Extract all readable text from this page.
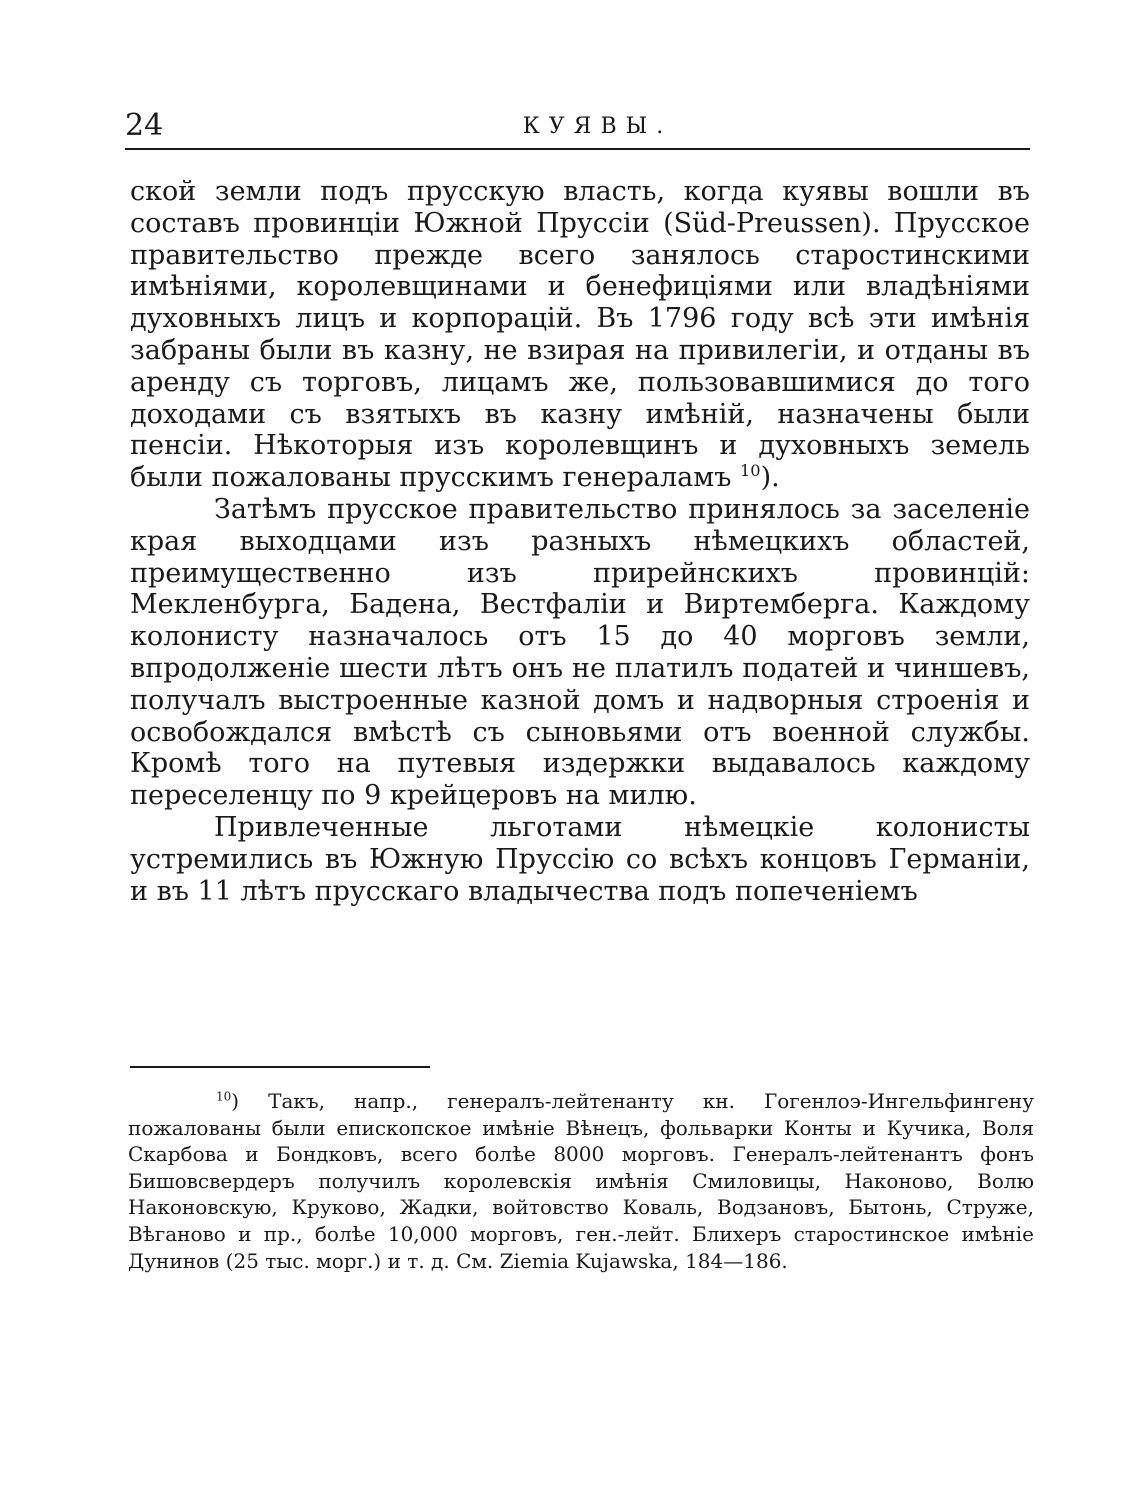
24	КУЯВЫ.

ской земли подъ прусскую власть, когда куявы вошли въ составъ провинціи Южной Пруссіи (Süd-Preussen). Прусское правительство прежде всего занялось старостинскими имѣніями, королевщинами и бенефиціями или владѣніями духовныхъ лицъ и корпорацій. Въ 1796 году всѣ эти имѣнія забраны были въ казну, не взирая на привилегіи, и отданы въ аренду съ торговъ, лицамъ же, пользовавшимися до того доходами съ взятыхъ въ казну имѣній, назначены были пенсіи. Нѣкоторыя изъ королевщинъ и духовныхъ земель были пожалованы прусскимъ генераламъ $^{10}$).

Затѣмъ прусское правительство принялось за заселеніе края выходцами изъ разныхъ нѣмецкихъ областей, преимущественно изъ прирейнскихъ провинцій: Мекленбурга, Бадена, Вестфаліи и Виртемберга. Каждому колонисту назначалось отъ 15 до 40 морговъ земли, впродолженіе шести лѣтъ онъ не платилъ податей и чиншевъ, получалъ выстроенные казной домъ и надворныя строенія и освобождался вмѣстѣ съ сыновьями отъ военной службы. Кромѣ того на путевыя издержки выдавалось каждому переселенцу по 9 крейцеровъ на милю.

Привлеченные льготами нѣмецкіе колонисты устремились въ Южную Пруссію со всѣхъ концовъ Германіи, и въ 11 лѣтъ прусскаго владычества подъ попеченіемъ

$^{10}$) Такъ, напр., генералъ-лейтенанту кн. Гогенлоэ-Ингельфингену пожалованы были епископское имѣніе Вѣнецъ, фольварки Конты и Кучика, Воля Скарбова и Бондковъ, всего болѣе 8000 морговъ. Генералъ-лейтенантъ фонъ Бишовсвердеръ получилъ королевскія имѣнія Смиловицы, Наконово, Волю Наконовскую, Круково, Жадки, войтовство Коваль, Водзановъ, Бытонь, Струже, Вѣганово и пр., болѣе 10,000 морговъ, ген.-лейт. Блихеръ старостинское имѣніе Дунинов (25 тыс. морг.) и т. д. См. Ziemia Kujawska, 184—186.
